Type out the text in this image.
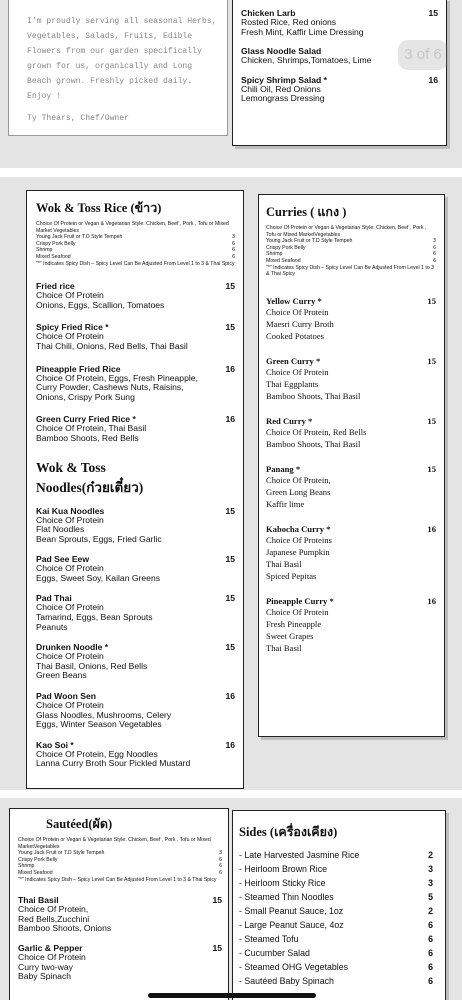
I'm proudly serving all seasonal Herbs, Vegetables, Salads, Fruits, Edible Flowers from our garden specifically grown for us, organically and Long Beach grown. Freshly picked daily. Enjoy !

Ty Thears, Chef/Owner
Chicken Larb	15
Rosted Rice, Red onions
Fresh Mint, Kaffir Lime Dressing
Glass Noodle Salad
Chicken, Shrimps,Tomatoes, Lime
Spicy Shrimp Salad *	16
Chili Oil, Red Onions
Lemongrass Dressing
3 of 6
Wok & Toss Rice (ข้าว)
Choice Of Protein or Vegan & Vegetarian Style: Chicken, Beef , Pork , Tofu or Mixed Market Vegetables
Young Jack Fruit or T.D Style Tempeh	3
Crispy Pork Belly	6
Shrimp	6
Mixed Seafood	6
"*" Indicates Spicy Dish – Spicy Level Can Be Adjusted From Level 1 to 3 & Thai Spicy
Fried rice	15
Choice Of Protein
Onions, Eggs, Scallion, Tomatoes
Spicy Fried Rice *	15
Choice Of Protein
Thai Chili, Onions, Red Bells, Thai Basil
Pineapple Fried Rice	16
Choice Of Protein, Eggs, Fresh Pineapple,
Curry Powder, Cashews Nuts, Raisins,
Onions, Crispy Pork Sung
Green Curry Fried Rice *	16
Choice Of Protein, Thai Basil
Bamboo Shoots, Red Bells
Wok & Toss
Noodles(ก๋วยเตี๋ยว)
Kai Kua Noodles	15
Choice Of Protein
Flat Noodles
Bean Sprouts, Eggs, Fried Garlic
Pad See Eew	15
Choice Of Protein
Eggs, Sweet Soy, Kailan Greens
Pad Thai	15
Choice Of Protein
Tamarind, Eggs, Bean Sprouts
Peanuts
Drunken Noodle *	15
Choice Of Protein
Thai Basil, Onions, Red Bells
Green Beans
Pad Woon Sen	16
Choice Of Protein
Glass Noodles, Mushrooms, Celery
Eggs, Winter Season Vegetables
Kao Soi *	16
Choice Of Protein, Egg Noodles
Lanna Curry Broth Sour Pickled Mustard
Curries ( แกง )
Choice Of Protein or Vegan & Vegetarian Style: Chicken, Beef , Pork , Tofu or Mixed MarketVegetables
Young Jack Fruit or T.D Style Tempeh	3
Crispy Pork Belly	6
Shrimp	6
Mixed Seafood	6
"*" Indicates Spicy Dish – Spicy Level Can Be Adjusted From Level 1 to 3 & Thai Spicy
Yellow Curry *	15
Choice Of Protein
Maesri Curry Broth
Cooked Potatoes
Green Curry *	15
Choice Of Protein
Thai Eggplants
Bamboo Shoots, Thai Basil
Red Curry *	15
Choice Of Protein, Red Bells
Bamboo Shoots, Thai Basil
Panang *	15
Choice Of Protein,
Green Long Beans
Kaffir lime
Kabocha Curry *	16
Choice Of Proteins
Japanese Pumpkin
Thai Basil
Spiced Pepitas
Pineapple Curry *	16
Choice Of Protein
Fresh Pineapple
Sweet Grapes
Thai Basil
Sautéed(ผัด)
Choice Of Protein or Vegan & Vegetarian Style: Chicken, Beef , Pork , Tofu or Mixed MarketVegetables
Young Jack Fruit or T.D Style Tempeh	3
Crispy Pork Belly	6
Shrimp	6
Mixed Seafood	6
"*" Indicates Spicy Dish – Spicy Level Can Be Adjusted From Level 1 to 3 & Thai Spicy
Thai Basil	15
Choice Of Protein,
Red Bells,Zucchini
Bamboo Shoots, Onions
Garlic & Pepper	15
Choice Of Protein
Curry two-way
Baby Spinach
Sides (เครื่องเคียง)
- Late Harvested Jasmine Rice	2
- Heirloom Brown Rice	3
- Heirloom Sticky Rice	3
- Steamed Thin Noodles	5
- Small Peanut Sauce, 1oz	2
- Large Peanut Sauce, 4oz	6
- Steamed Tofu	6
- Cucumber Salad	6
- Steamed OHG Vegetables	6
- Sautéed Baby Spinach	6
